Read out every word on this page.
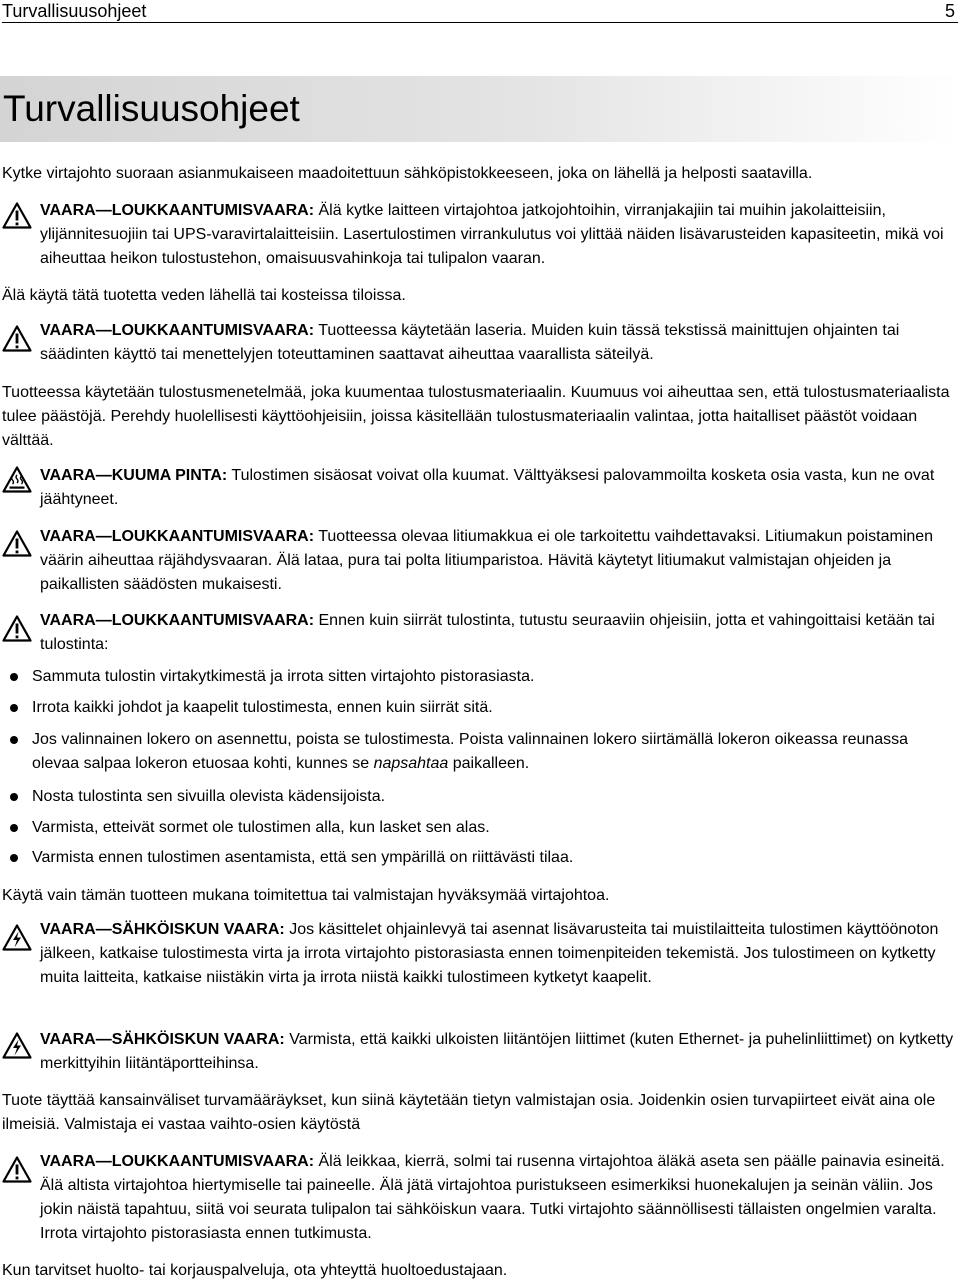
Turvallisuusohjeet	5
Turvallisuusohjeet
Kytke virtajohto suoraan asianmukaiseen maadoitettuun sähköpistokkeeseen, joka on lähellä ja helposti saatavilla.
VAARA—LOUKKAANTUMISVAARA: Älä kytke laitteen virtajohtoa jatkojohtoihin, virranjakajiin tai muihin jakolaitteisiin, ylijännitesuojiin tai UPS-varavirtalaitteisiin. Lasertulostimen virrankulutus voi ylittää näiden lisävarusteiden kapasiteetin, mikä voi aiheuttaa heikon tulostustehon, omaisuusvahinkoja tai tulipalon vaaran.
Älä käytä tätä tuotetta veden lähellä tai kosteissa tiloissa.
VAARA—LOUKKAANTUMISVAARA: Tuotteessa käytetään laseria. Muiden kuin tässä tekstissä mainittujen ohjainten tai säädinten käyttö tai menettelyjen toteuttaminen saattavat aiheuttaa vaarallista säteilyä.
Tuotteessa käytetään tulostusmenetelmää, joka kuumentaa tulostusmateriaalin. Kuumuus voi aiheuttaa sen, että tulostusmateriaalista tulee päästöjä. Perehdy huolellisesti käyttöohjeisiin, joissa käsitellään tulostusmateriaalin valintaa, jotta haitalliset päästöt voidaan välttää.
VAARA—KUUMA PINTA: Tulostimen sisäosat voivat olla kuumat. Välttyäksesi palovammoilta kosketa osia vasta, kun ne ovat jäähtyneet.
VAARA—LOUKKAANTUMISVAARA: Tuotteessa olevaa litiumakkua ei ole tarkoitettu vaihdettavaksi. Litiumakun poistaminen väärin aiheuttaa räjähdysvaaran. Älä lataa, pura tai polta litiumparistoa. Hävitä käytetyt litiumakut valmistajan ohjeiden ja paikallisten säädösten mukaisesti.
VAARA—LOUKKAANTUMISVAARA: Ennen kuin siirrät tulostinta, tutustu seuraaviin ohjeisiin, jotta et vahingoittaisi ketään tai tulostinta:
Sammuta tulostin virtakytkimestä ja irrota sitten virtajohto pistorasiasta.
Irrota kaikki johdot ja kaapelit tulostimesta, ennen kuin siirrät sitä.
Jos valinnainen lokero on asennettu, poista se tulostimesta. Poista valinnainen lokero siirtämällä lokeron oikeassa reunassa olevaa salpaa lokeron etuosaa kohti, kunnes se napsahtaa paikalleen.
Nosta tulostinta sen sivuilla olevista kädensijoista.
Varmista, etteivät sormet ole tulostimen alla, kun lasket sen alas.
Varmista ennen tulostimen asentamista, että sen ympärillä on riittävästi tilaa.
Käytä vain tämän tuotteen mukana toimitettua tai valmistajan hyväksymää virtajohtoa.
VAARA—SÄHKÖISKUN VAARA: Jos käsittelet ohjainlevyä tai asennat lisävarusteita tai muistilaitteita tulostimen käyttöönoton jälkeen, katkaise tulostimesta virta ja irrota virtajohto pistorasiasta ennen toimenpiteiden tekemistä. Jos tulostimeen on kytketty muita laitteita, katkaise niistäkin virta ja irrota niistä kaikki tulostimeen kytketyt kaapelit.
VAARA—SÄHKÖISKUN VAARA: Varmista, että kaikki ulkoisten liitäntöjen liittimet (kuten Ethernet- ja puhelinliittimet) on kytketty merkittyihin liitäntäportteihinsa.
Tuote täyttää kansainväliset turvamääräykset, kun siinä käytetään tietyn valmistajan osia. Joidenkin osien turvapiirteet eivät aina ole ilmeisiä. Valmistaja ei vastaa vaihto-osien käytöstä
VAARA—LOUKKAANTUMISVAARA: Älä leikkaa, kierrä, solmi tai rusenna virtajohtoa äläkä aseta sen päälle painavia esineitä. Älä altista virtajohtoa hiertymiselle tai paineelle. Älä jätä virtajohtoa puristukseen esimerkiksi huonekalujen ja seinän väliin. Jos jokin näistä tapahtuu, siitä voi seurata tulipalon tai sähköiskun vaara. Tutki virtajohto säännöllisesti tällaisten ongelmien varalta. Irrota virtajohto pistorasiasta ennen tutkimusta.
Kun tarvitset huolto- tai korjauspalveluja, ota yhteyttä huoltoedustajaan.
